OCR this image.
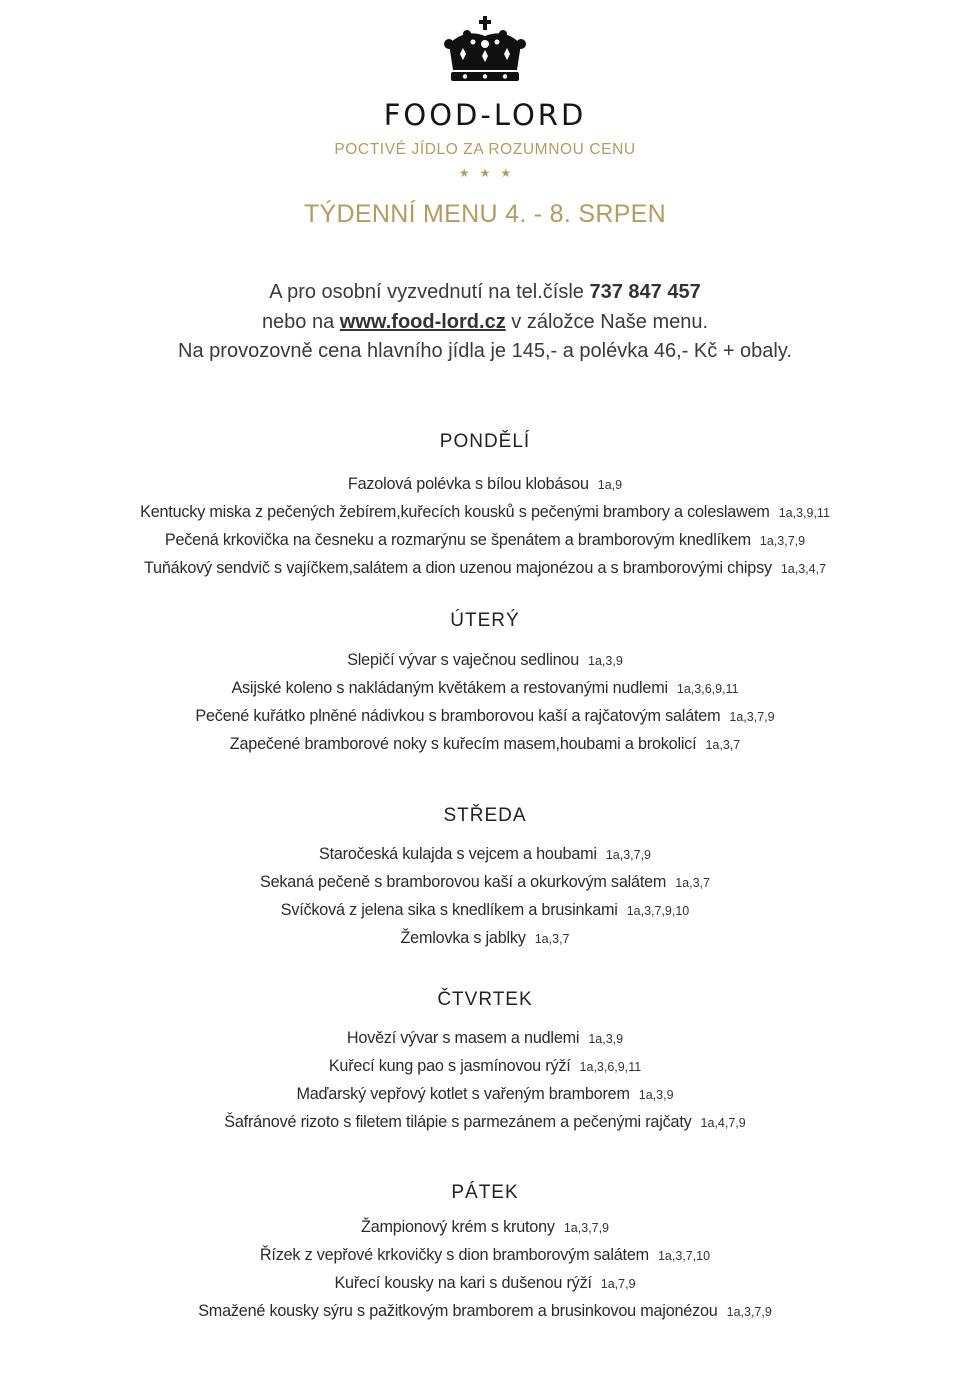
FOOD-LORD
POCTIVÉ JÍDLO ZA ROZUMNOU CENU
★★★
TÝDENNÍ MENU 4. - 8. SRPEN
A pro osobní vyzvednutí na tel.čísle 737 847 457
nebo na www.food-lord.cz v záložce Naše menu.
Na provozovně cena hlavního jídla je 145,- a polévka 46,- Kč + obaly.
PONDĚLÍ
Fazolová polévka s bílou klobásou 1a,9
Kentucky miska z pečených žebírem,kuřecích kousků s pečenými brambory a coleslawem 1a,3,9,11
Pečená krkovička na česneku a rozmarýnu se špenátem a bramborovým knedlíkem 1a,3,7,9
Tuňákový sendvič s vajíčkem,salátem a dion uzenou majonézou a s bramborovými chipsy 1a,3,4,7
ÚTERÝ
Slepičí vývar s vaječnou sedlinou 1a,3,9
Asijské koleno s nakládaným květákem a restovanými nudlemi 1a,3,6,9,11
Pečené kuřátko plněné nádivkou s bramborovou kaší a rajčatovým salátem 1a,3,7,9
Zapečené bramborové noky s kuřecím masem,houbami a brokolicí 1a,3,7
STŘEDA
Staročeská kulajda s vejcem a houbami 1a,3,7,9
Sekaná pečeně s bramborovou kaší a okurkovým salátem 1a,3,7
Svíčková z jelena sika s knedlíkem a brusinkami 1a,3,7,9,10
Žemlovka s jablky 1a,3,7
ČTVRTEK
Hovězí vývar s masem a nudlemi 1a,3,9
Kuřecí kung pao s jasmínovou rýží 1a,3,6,9,11
Maďarský vepřový kotlet s vařeným bramborem 1a,3,9
Šafránové rizoto s filetem tilápie s parmezánem a pečenými rajčaty 1a,4,7,9
PÁTEK
Žampionový krém s krutony 1a,3,7,9
Řízek z vepřové krkovičky s dion bramborovým salátem 1a,3,7,10
Kuřecí kousky na kari s dušenou rýží 1a,7,9
Smažené kousky sýru s pažitkovým bramborem a brusinkovou majonézou 1a,3,7,9
